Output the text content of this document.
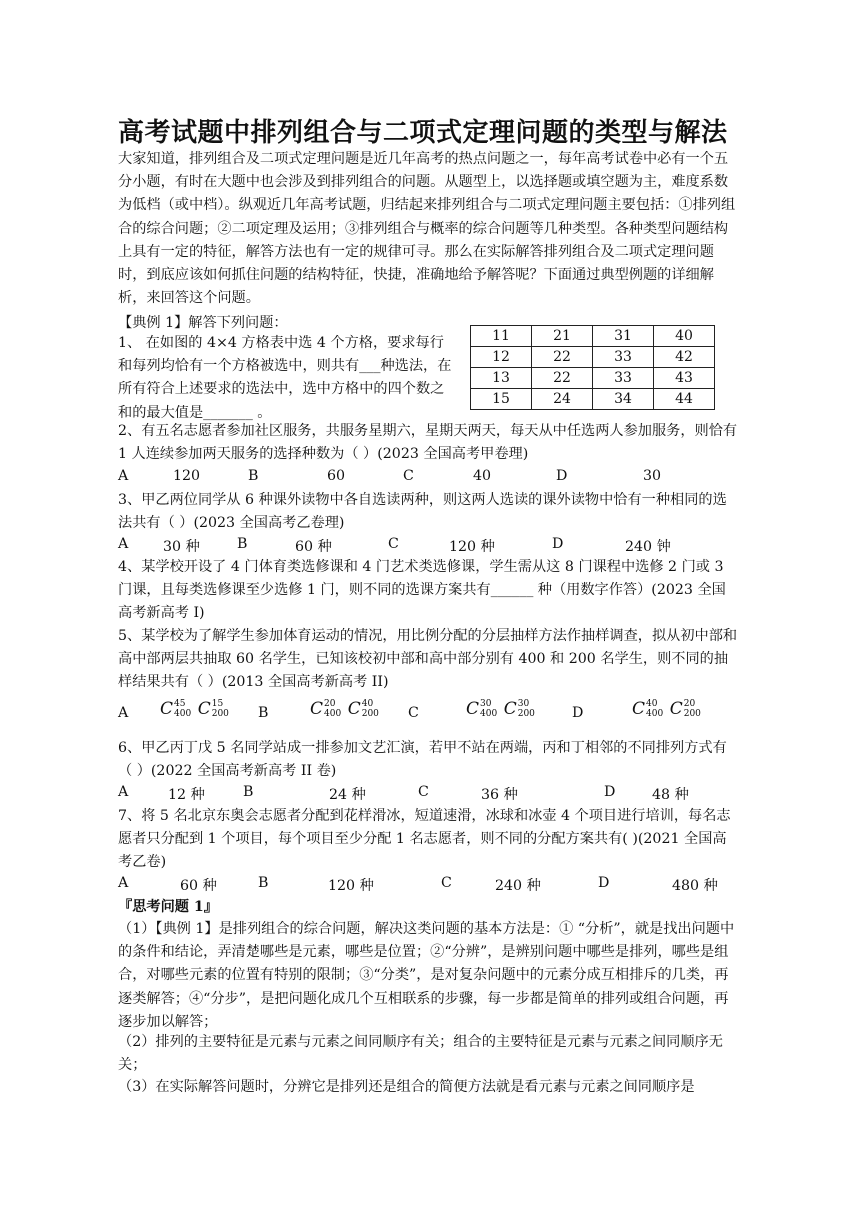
高考试题中排列组合与二项式定理问题的类型与解法
大家知道，排列组合及二项式定理问题是近几年高考的热点问题之一，每年高考试卷中必有一个五分小题，有时在大题中也会涉及到排列组合的问题。从题型上，以选择题或填空题为主，难度系数为低档（或中档）。纵观近几年高考试题，归结起来排列组合与二项式定理问题主要包括：①排列组合的综合问题；②二项定理及运用；③排列组合与概率的综合问题等几种类型。各种类型问题结构上具有一定的特征，解答方法也有一定的规律可寻。那么在实际解答排列组合及二项式定理问题时，到底应该如何抓住问题的结构特征，快捷，准确地给予解答呢？下面通过典型例题的详细解析，来回答这个问题。
【典例 1】解答下列问题：
1、 在如图的 4×4 方格表中选 4 个方格，要求每行和每列均恰有一个方格被选中，则共有___种选法，在所有符合上述要求的选法中，选中方格中的四个数之和的最大值是_______ 。
11	21	31	40
12	22	33	42
13	22	33	43
15	24	34	44
2、有五名志愿者参加社区服务，共服务星期六，星期天两天，每天从中任选两人参加服务，则恰有 1 人连续参加两天服务的选择种数为（ ）(2023 全国高考甲卷理)
A	120	B	60	C	40	D	30
3、甲乙两位同学从 6 种课外读物中各自选读两种，则这两人选读的课外读物中恰有一种相同的选法共有（ ）(2023 全国高考乙卷理)
A 30 种	B	60 种	C	120 种	D	240 钟
4、某学校开设了 4 门体育类选修课和 4 门艺术类选修课，学生需从这 8 门课程中选修 2 门或 3 门课，且每类选修课至少选修 1 门，则不同的选课方案共有______ 种（用数字作答）(2023 全国高考新高考 I)
5、某学校为了解学生参加体育运动的情况，用比例分配的分层抽样方法作抽样调查，拟从初中部和高中部两层共抽取 60 名学生，已知该校初中部和高中部分别有 400 和 200 名学生，则不同的抽样结果共有（ ）(2013 全国高考新高考 II)
A C 45
400
C 15
200 B C 20
400
C 40
200 C	C 30
400
C 30
200	D	C 40
400
C 20
200
6、甲乙丙丁戊 5 名同学站成一排参加文艺汇演，若甲不站在两端，丙和丁相邻的不同排列方式有（ ）(2022 全国高考新高考 II 卷)
A	12 种	B	24 种	C	36 种	D	48 种
7、将 5 名北京东奥会志愿者分配到花样滑冰，短道速滑，冰球和冰壶 4 个项目进行培训，每名志愿者只分配到 1 个项目，每个项目至少分配 1 名志愿者，则不同的分配方案共有( )(2021 全国高考乙卷)
A	60 种	B	120 种	C	240 种	D	480 种
『思考问题 1』
（1）【典例 1】是排列组合的综合问题，解决这类问题的基本方法是：① “分析”，就是找出问题中的条件和结论，弄清楚哪些是元素，哪些是位置；②“分辨”，是辨别问题中哪些是排列，哪些是组合，对哪些元素的位置有特别的限制；③“分类”，是对复杂问题中的元素分成互相排斥的几类，再逐类解答；④“分步”，是把问题化成几个互相联系的步骤，每一步都是简单的排列或组合问题，再逐步加以解答；
（2）排列的主要特征是元素与元素之间同顺序有关；组合的主要特征是元素与元素之间同顺序无关；
（3）在实际解答问题时，分辨它是排列还是组合的简便方法就是看元素与元素之间同顺序是
